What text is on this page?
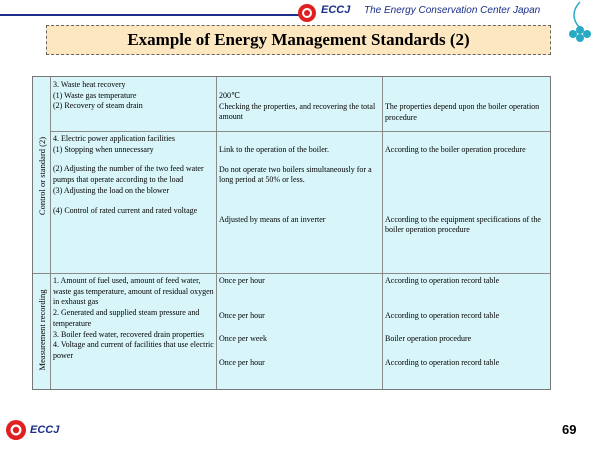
ECCJ The Energy Conservation Center Japan
Example of Energy Management Standards (2)
Control or standard (2)
Measurement recording
3. Waste heat recovery
(1) Waste gas temperature
(2) Recovery of steam drain
200℃
Checking the properties, and recovering the total amount
The properties depend upon the boiler operation procedure
4. Electric power application facilities
(1) Stopping when unnecessary
(2) Adjusting the number of the two feed water pumps that operate according to the load
(3) Adjusting the load on the blower
(4) Control of rated current and rated voltage
Link to the operation of the boiler.
Do not operate two boilers simultaneously for a long period at 50% or less.
Adjusted by means of an inverter
According to the boiler operation procedure
According to the equipment specifications of the boiler operation procedure
1. Amount of fuel used, amount of feed water, waste gas temperature, amount of residual oxygen in exhaust gas
2. Generated and supplied steam pressure and temperature
3. Boiler feed water, recovered drain properties
4. Voltage and current of facilities that use electric power
Once per hour
Once per hour
Once per week
Once per hour
According to operation record table
According to operation record table
Boiler operation procedure
According to operation record table
ECCJ	69
